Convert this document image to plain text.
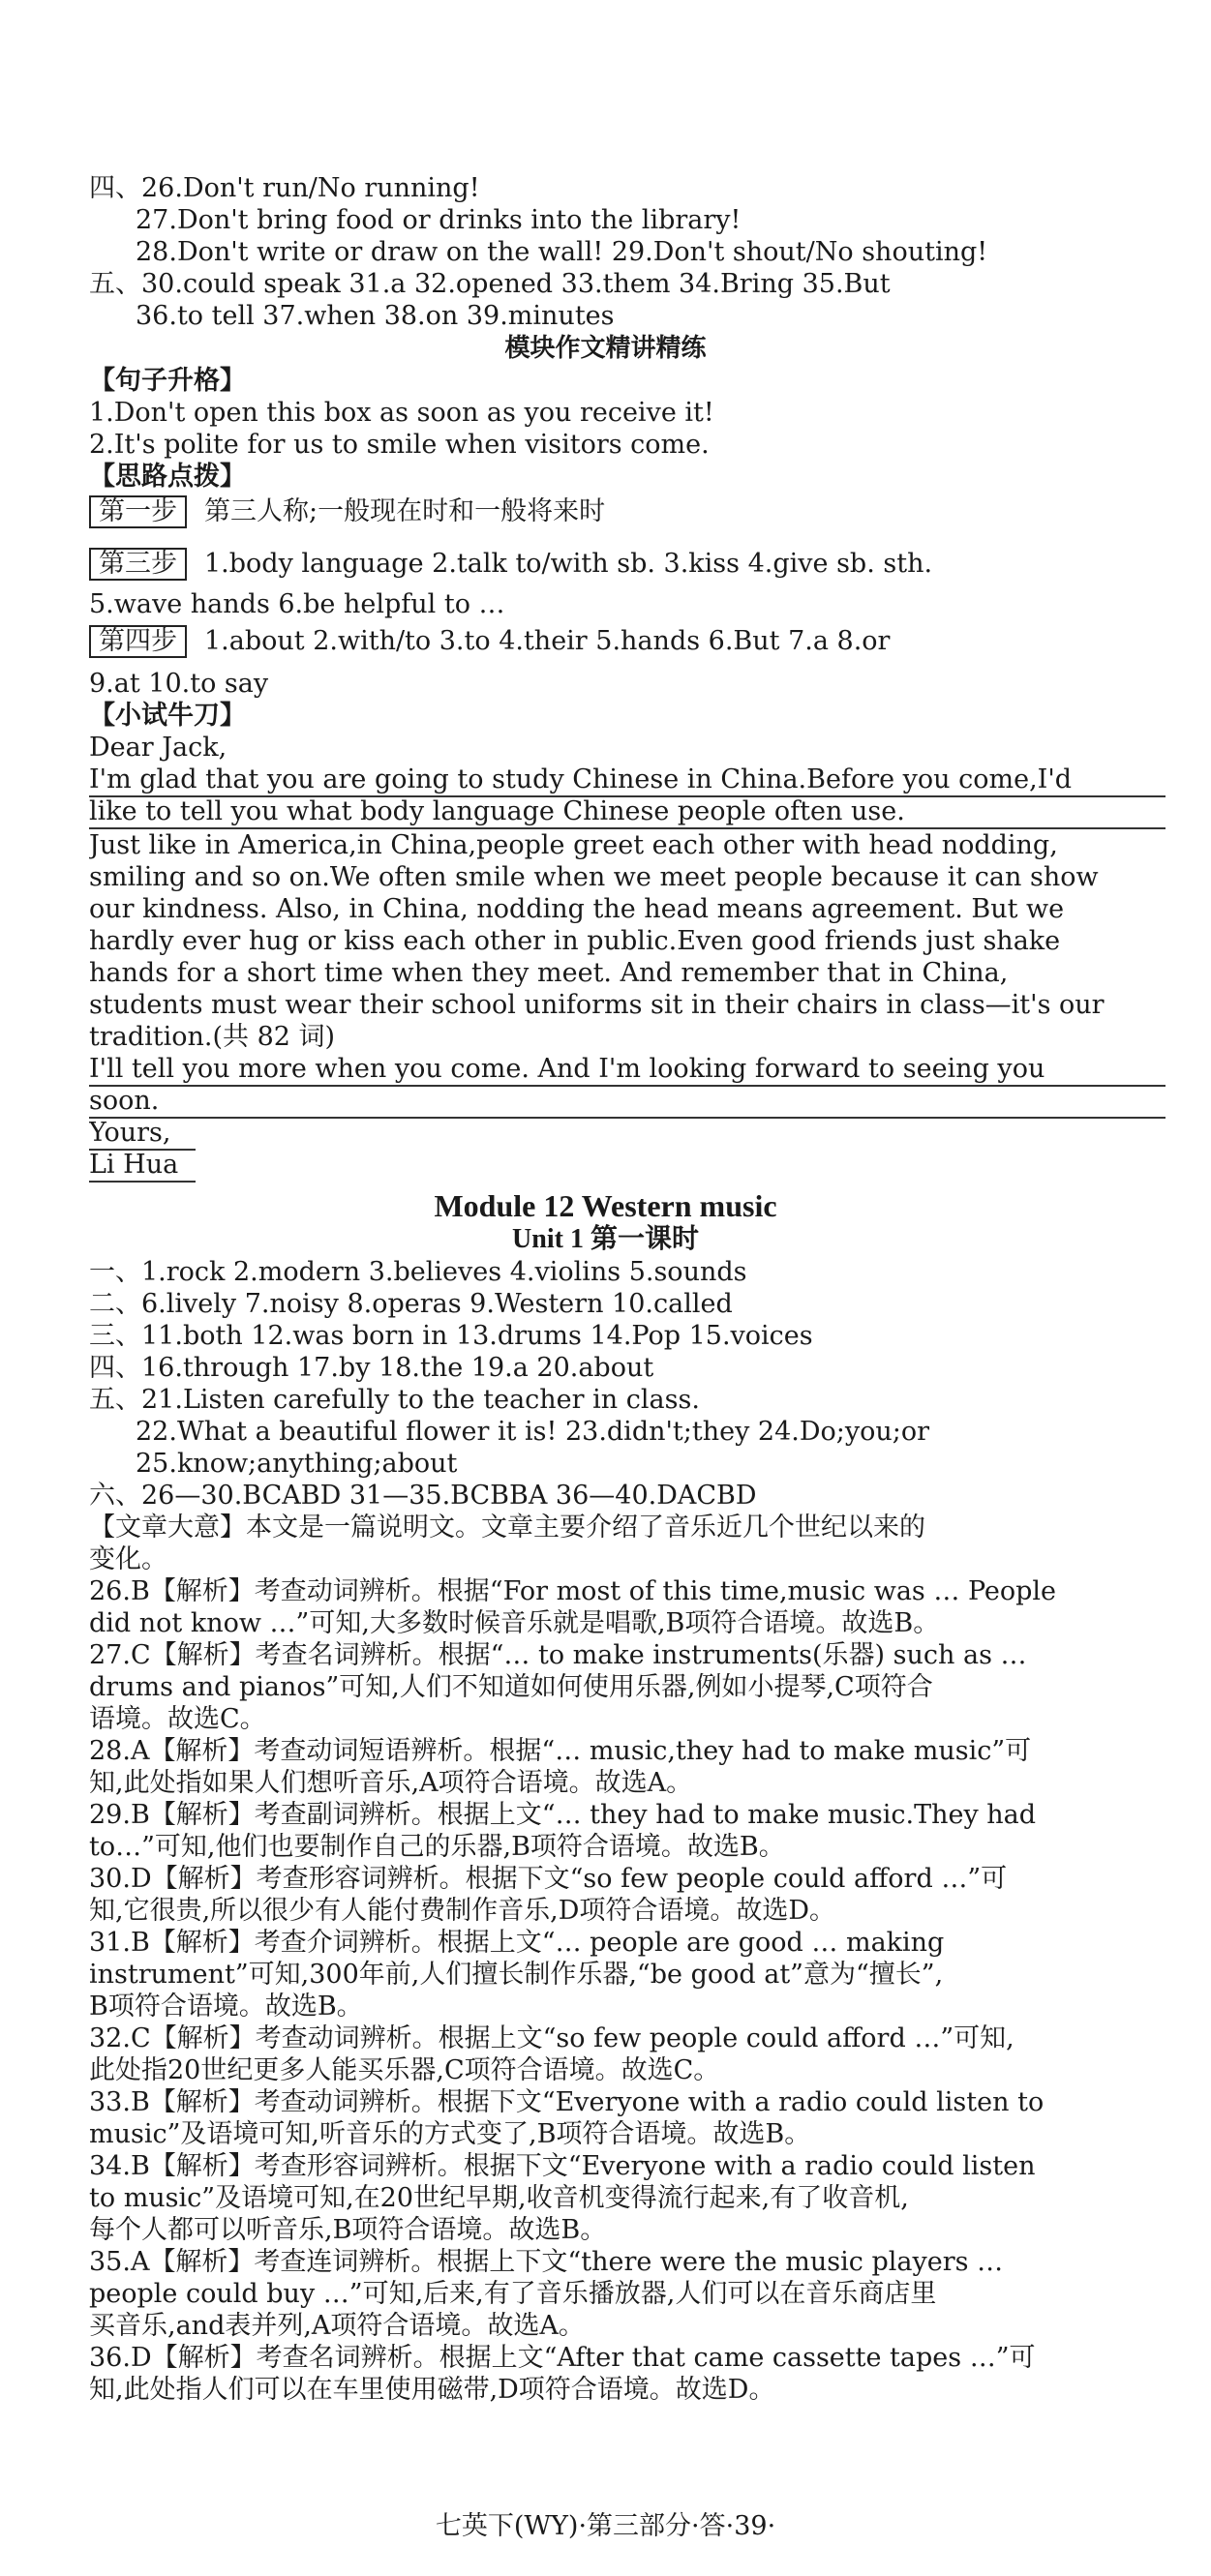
四、26.Don't run/No running!
27.Don't bring food or drinks into the library!
28.Don't write or draw on the wall! 29.Don't shout/No shouting!
五、30.could speak 31.a 32.opened 33.them 34.Bring 35.But
36.to tell 37.when 38.on 39.minutes
模块作文精讲精练
【句子升格】
1.Don't open this box as soon as you receive it!
2.It's polite for us to smile when visitors come.
【思路点拨】
第一步 第三人称;一般现在时和一般将来时
第三步 1.body language 2.talk to/with sb. 3.kiss 4.give sb. sth.
5.wave hands 6.be helpful to …
第四步 1.about 2.with/to 3.to 4.their 5.hands 6.But 7.a 8.or
9.at 10.to say
【小试牛刀】
Dear Jack,
I'm glad that you are going to study Chinese in China.Before you come,I'd
like to tell you what body language Chinese people often use.
Just like in America,in China,people greet each other with head nodding,
smiling and so on.We often smile when we meet people because it can show
our kindness. Also, in China, nodding the head means agreement. But we
hardly ever hug or kiss each other in public.Even good friends just shake
hands for a short time when they meet. And remember that in China,
students must wear their school uniforms sit in their chairs in class—it's our
tradition.(共 82 词)
I'll tell you more when you come. And I'm looking forward to seeing you
soon.
Yours,
Li Hua
Module 12 Western music
Unit 1 第一课时
一、1.rock 2.modern 3.believes 4.violins 5.sounds
二、6.lively 7.noisy 8.operas 9.Western 10.called
三、11.both 12.was born in 13.drums 14.Pop 15.voices
四、16.through 17.by 18.the 19.a 20.about
五、21.Listen carefully to the teacher in class.
22.What a beautiful flower it is! 23.didn't;they 24.Do;you;or
25.know;anything;about
六、26—30.BCABD 31—35.BCBBA 36—40.DACBD
【文章大意】本文是一篇说明文。文章主要介绍了音乐近几个世纪以来的
变化。
26.B【解析】考查动词辨析。根据“For most of this time,music was … People
did not know …”可知,大多数时候音乐就是唱歌,B项符合语境。故选B。
27.C【解析】考查名词辨析。根据“… to make instruments(乐器) such as …
drums and pianos”可知,人们不知道如何使用乐器,例如小提琴,C项符合
语境。故选C。
28.A【解析】考查动词短语辨析。根据“… music,they had to make music”可
知,此处指如果人们想听音乐,A项符合语境。故选A。
29.B【解析】考查副词辨析。根据上文“… they had to make music.They had
to…”可知,他们也要制作自己的乐器,B项符合语境。故选B。
30.D【解析】考查形容词辨析。根据下文“so few people could afford …”可
知,它很贵,所以很少有人能付费制作音乐,D项符合语境。故选D。
31.B【解析】考查介词辨析。根据上文“… people are good … making
instrument”可知,300年前,人们擅长制作乐器,“be good at”意为“擅长”,
B项符合语境。故选B。
32.C【解析】考查动词辨析。根据上文“so few people could afford …”可知,
此处指20世纪更多人能买乐器,C项符合语境。故选C。
33.B【解析】考查动词辨析。根据下文“Everyone with a radio could listen to
music”及语境可知,听音乐的方式变了,B项符合语境。故选B。
34.B【解析】考查形容词辨析。根据下文“Everyone with a radio could listen
to music”及语境可知,在20世纪早期,收音机变得流行起来,有了收音机,
每个人都可以听音乐,B项符合语境。故选B。
35.A【解析】考查连词辨析。根据上下文“there were the music players …
people could buy …”可知,后来,有了音乐播放器,人们可以在音乐商店里
买音乐,and表并列,A项符合语境。故选A。
36.D【解析】考查名词辨析。根据上文“After that came cassette tapes …”可
知,此处指人们可以在车里使用磁带,D项符合语境。故选D。
七英下(WY)·第三部分·答·39·
